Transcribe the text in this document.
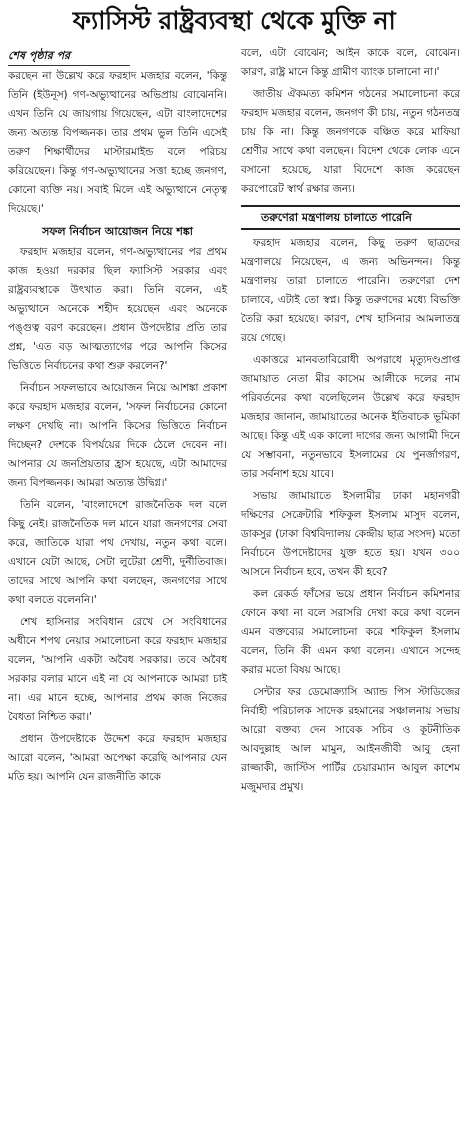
ফ্যাসিস্ট রাষ্ট্রব্যবস্থা থেকে মুক্তি না
শেষ পৃষ্ঠার পর

করছেন না উল্লেখ করে ফরহাদ মজহার বলেন, 'কিন্তু তিনি (ইউনূস) গণ-অভ্যুত্থানের অভিপ্রায় বোঝেননি। এখন তিনি যে জায়গায় গিয়েছেন, এটা বাংলাদেশের জন্য অত্যন্ত বিপজ্জনক। তার প্রথম ভুল তিনি এসেই তরুণ শিক্ষার্থীদের মাস্টারমাইন্ড বলে পরিচয় করিয়েছেন। কিন্তু গণ-অভ্যুত্থানের সত্তা হচ্ছে জনগণ, কোনো ব্যক্তি নয়। সবাই মিলে এই অভ্যুত্থানে নেতৃত্ব দিয়েছে।'

সফল নির্বাচন আয়োজন নিয়ে শঙ্কা

ফরহাদ মজহার বলেন, গণ-অভ্যুত্থানের পর প্রথম কাজ হওয়া দরকার ছিল ফ্যাসিস্ট সরকার এবং রাষ্ট্রব্যবস্থাকে উৎখাত করা। তিনি বলেন, এই অভ্যুত্থানে অনেকে শহীদ হয়েছেন এবং অনেকে পঙ্গুত্ব বরণ করেছেন। প্রধান উপদেষ্টার প্রতি তার প্রশ্ন, 'এত বড় আত্মত্যাগের পরে আপনি কিসের ভিত্তিতে নির্বাচনের কথা শুরু করলেন?'

নির্বাচন সফলভাবে আয়োজন নিয়ে আশঙ্কা প্রকাশ করে ফরহাদ মজহার বলেন, 'সফল নির্বাচনের কোনো লক্ষণ দেখছি না। আপনি কিসের ভিত্তিতে নির্বাচন দিচ্ছেন? দেশকে বিপর্যয়ের দিকে ঠেলে দেবেন না। আপনার যে জনপ্রিয়তার হ্রাস হয়েছে, এটা আমাদের জন্য বিপজ্জনক। আমরা অত্যন্ত উদ্বিগ্ন।'

তিনি বলেন, 'বাংলাদেশে রাজনৈতিক দল বলে কিছু নেই। রাজনৈতিক দল মানে যারা জনগণের সেবা করে, জাতিকে যারা পথ দেখায়, নতুন কথা বলে। এখানে যেটা আছে, সেটা লুটেরা শ্রেণী, দুর্নীতিবাজ। তাদের সাথে আপনি কথা বলছেন, জনগণের সাথে কথা বলতে বলেননি।'

শেখ হাসিনার সংবিধান রেখে সে সংবিধানের অধীনে শপথ নেয়ার সমালোচনা করে ফরহাদ মজহার বলেন, 'আপনি একটা অবৈধ সরকার। তবে অবৈধ সরকার বলার মানে এই না যে আপনাকে আমরা চাই না। এর মানে হচ্ছে, আপনার প্রথম কাজ নিজের বৈধতা নিশ্চিত করা।'

প্রধান উপদেষ্টাকে উদ্দেশ করে ফরহাদ মজহার আরো বলেন, 'আমরা অপেক্ষা করেছি আপনার যেন মতি হয়। আপনি যেন রাজনীতি কাকে

বলে, এটা বোঝেন; আইন কাকে বলে, বোঝেন। কারণ, রাষ্ট্র মানে কিন্তু গ্রামীণ ব্যাংক চালানো না।'

জাতীয় ঐকমত্য কমিশন গঠনের সমালোচনা করে ফরহাদ মজহার বলেন, জনগণ কী চায়, নতুন গঠনতন্ত্র চায় কি না। কিন্তু জনগণকে বঞ্চিত করে মাফিয়া শ্রেণীর সাথে কথা বলছেন। বিদেশ থেকে লোক এনে বসানো হয়েছে, যারা বিদেশে কাজ করেছেন করপোরেট স্বার্থ রক্ষার জন্য।

তরুণেরা মন্ত্রণালয় চালাতে পারেনি

ফরহাদ মজহার বলেন, কিছু তরুণ ছাত্রদের মন্ত্রণালয়ে নিয়েছেন, এ জন্য অভিনন্দন। কিন্তু মন্ত্রণালয় তারা চালাতে পারেনি। তরুণেরা দেশ চালাবে, এটাই তো স্বপ্ন। কিন্তু তরুণদের মধ্যে বিভক্তি তৈরি করা হয়েছে। কারণ, শেখ হাসিনার আমলাতন্ত্র রয়ে গেছে।

একাত্তরে মানবতাবিরোধী অপরাধে মৃত্যুদণ্ডপ্রাপ্ত জামায়াত নেতা মীর কাসেম আলীকে দলের নাম পরিবর্তনের কথা বলেছিলেন উল্লেখ করে ফরহাদ মজহার জানান, জামায়াতের অনেক ইতিবাচক ভূমিকা আছে। কিন্তু এই এক কালো দাগের জন্য আগামী দিনে যে সম্ভাবনা, নতুনভাবে ইসলামের যে পুনর্জাগরণ, তার সর্বনাশ হয়ে যাবে।

সভায় জামায়াতে ইসলামীর ঢাকা মহানগরী দক্ষিণের সেক্রেটারি শফিকুল ইসলাম মাসুদ বলেন, ডাকসুর (ঢাকা বিশ্ববিদ্যালয় কেন্দ্রীয় ছাত্র সংসদ) মতো নির্বাচনে উপদেষ্টাদের যুক্ত হতে হয়। যখন ৩০০ আসনে নির্বাচন হবে, তখন কী হবে?

কল রেকর্ড ফাঁসের ভয়ে প্রধান নির্বাচন কমিশনার ফোনে কথা না বলে সরাসরি দেখা করে কথা বলেন এমন বক্তব্যের সমালোচনা করে শফিকুল ইসলাম বলেন, তিনি কী এমন কথা বলেন। এখানে সন্দেহ করার মতো বিষয় আছে।

সেন্টার ফর ডেমোক্র্যাসি অ্যান্ড পিস স্টাডিজের নির্বাহী পরিচালক সাদেক রহমানের সঞ্চালনায় সভায় আরো বক্তব্য দেন সাবেক সচিব ও কূটনীতিক আবদুল্লাহ আল মামুন, আইনজীবী আবু হেনা রাজ্জাকী, জাস্টিস পার্টির চেয়ারম্যান আবুল কাশেম মজুমদার প্রমুখ।
